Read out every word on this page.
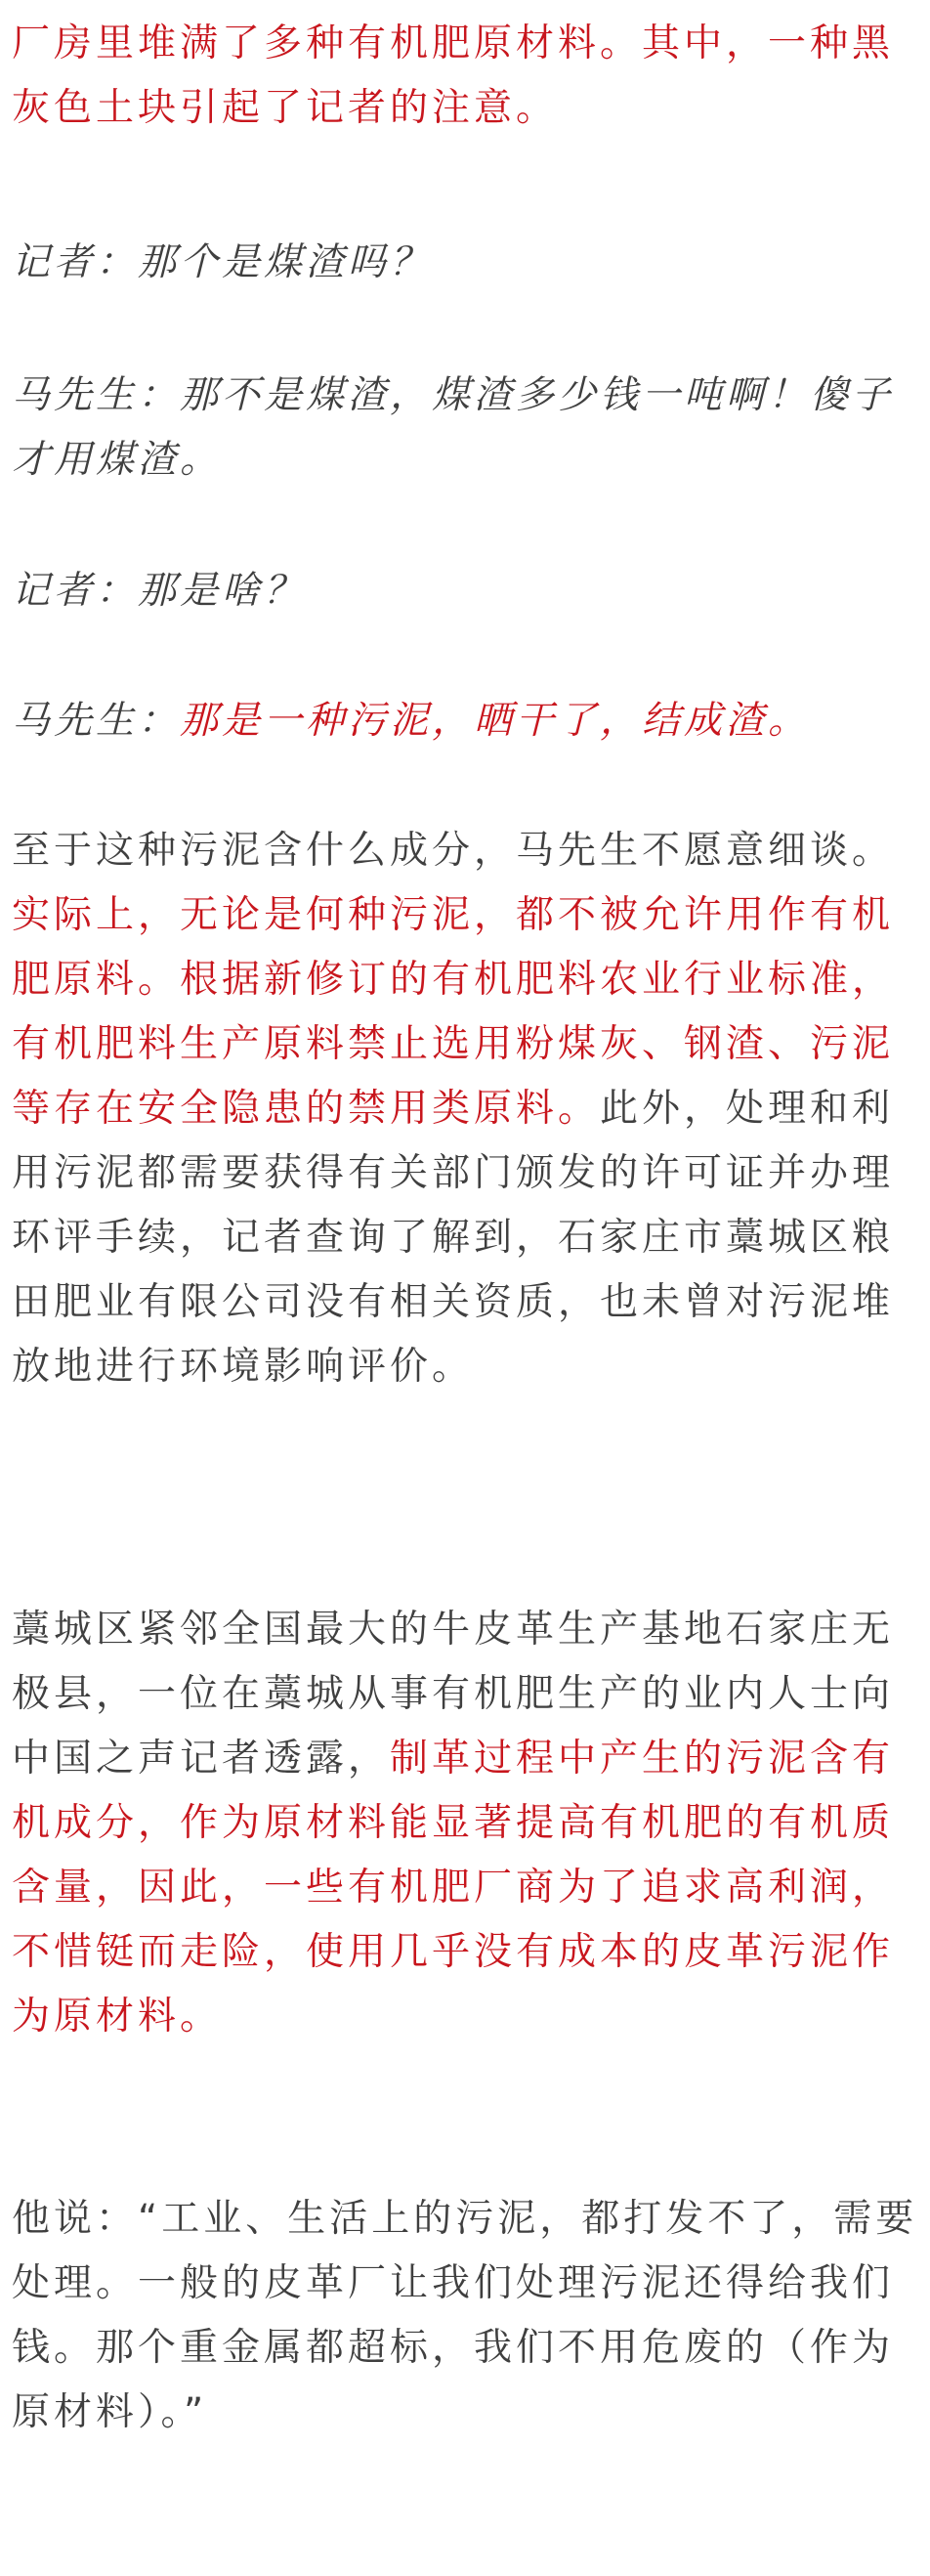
厂房里堆满了多种有机肥原材料。其中，一种黑灰色土块引起了记者的注意。

记者：那个是煤渣吗？

马先生：那不是煤渣，煤渣多少钱一吨啊！傻子才用煤渣。

记者：那是啥？

马先生：那是一种污泥，晒干了，结成渣。

至于这种污泥含什么成分，马先生不愿意细谈。实际上，无论是何种污泥，都不被允许用作有机肥原料。根据新修订的有机肥料农业行业标准，有机肥料生产原料禁止选用粉煤灰、钢渣、污泥等存在安全隐患的禁用类原料。此外，处理和利用污泥都需要获得有关部门颁发的许可证并办理环评手续，记者查询了解到，石家庄市藁城区粮田肥业有限公司没有相关资质，也未曾对污泥堆放地进行环境影响评价。

藁城区紧邻全国最大的牛皮革生产基地石家庄无极县，一位在藁城从事有机肥生产的业内人士向中国之声记者透露，制革过程中产生的污泥含有机成分，作为原材料能显著提高有机肥的有机质含量，因此，一些有机肥厂商为了追求高利润，不惜铤而走险，使用几乎没有成本的皮革污泥作为原材料。

他说：“工业、生活上的污泥，都打发不了，需要处理。一般的皮革厂让我们处理污泥还得给我们钱。那个重金属都超标，我们不用危废的（作为原材料）。”
